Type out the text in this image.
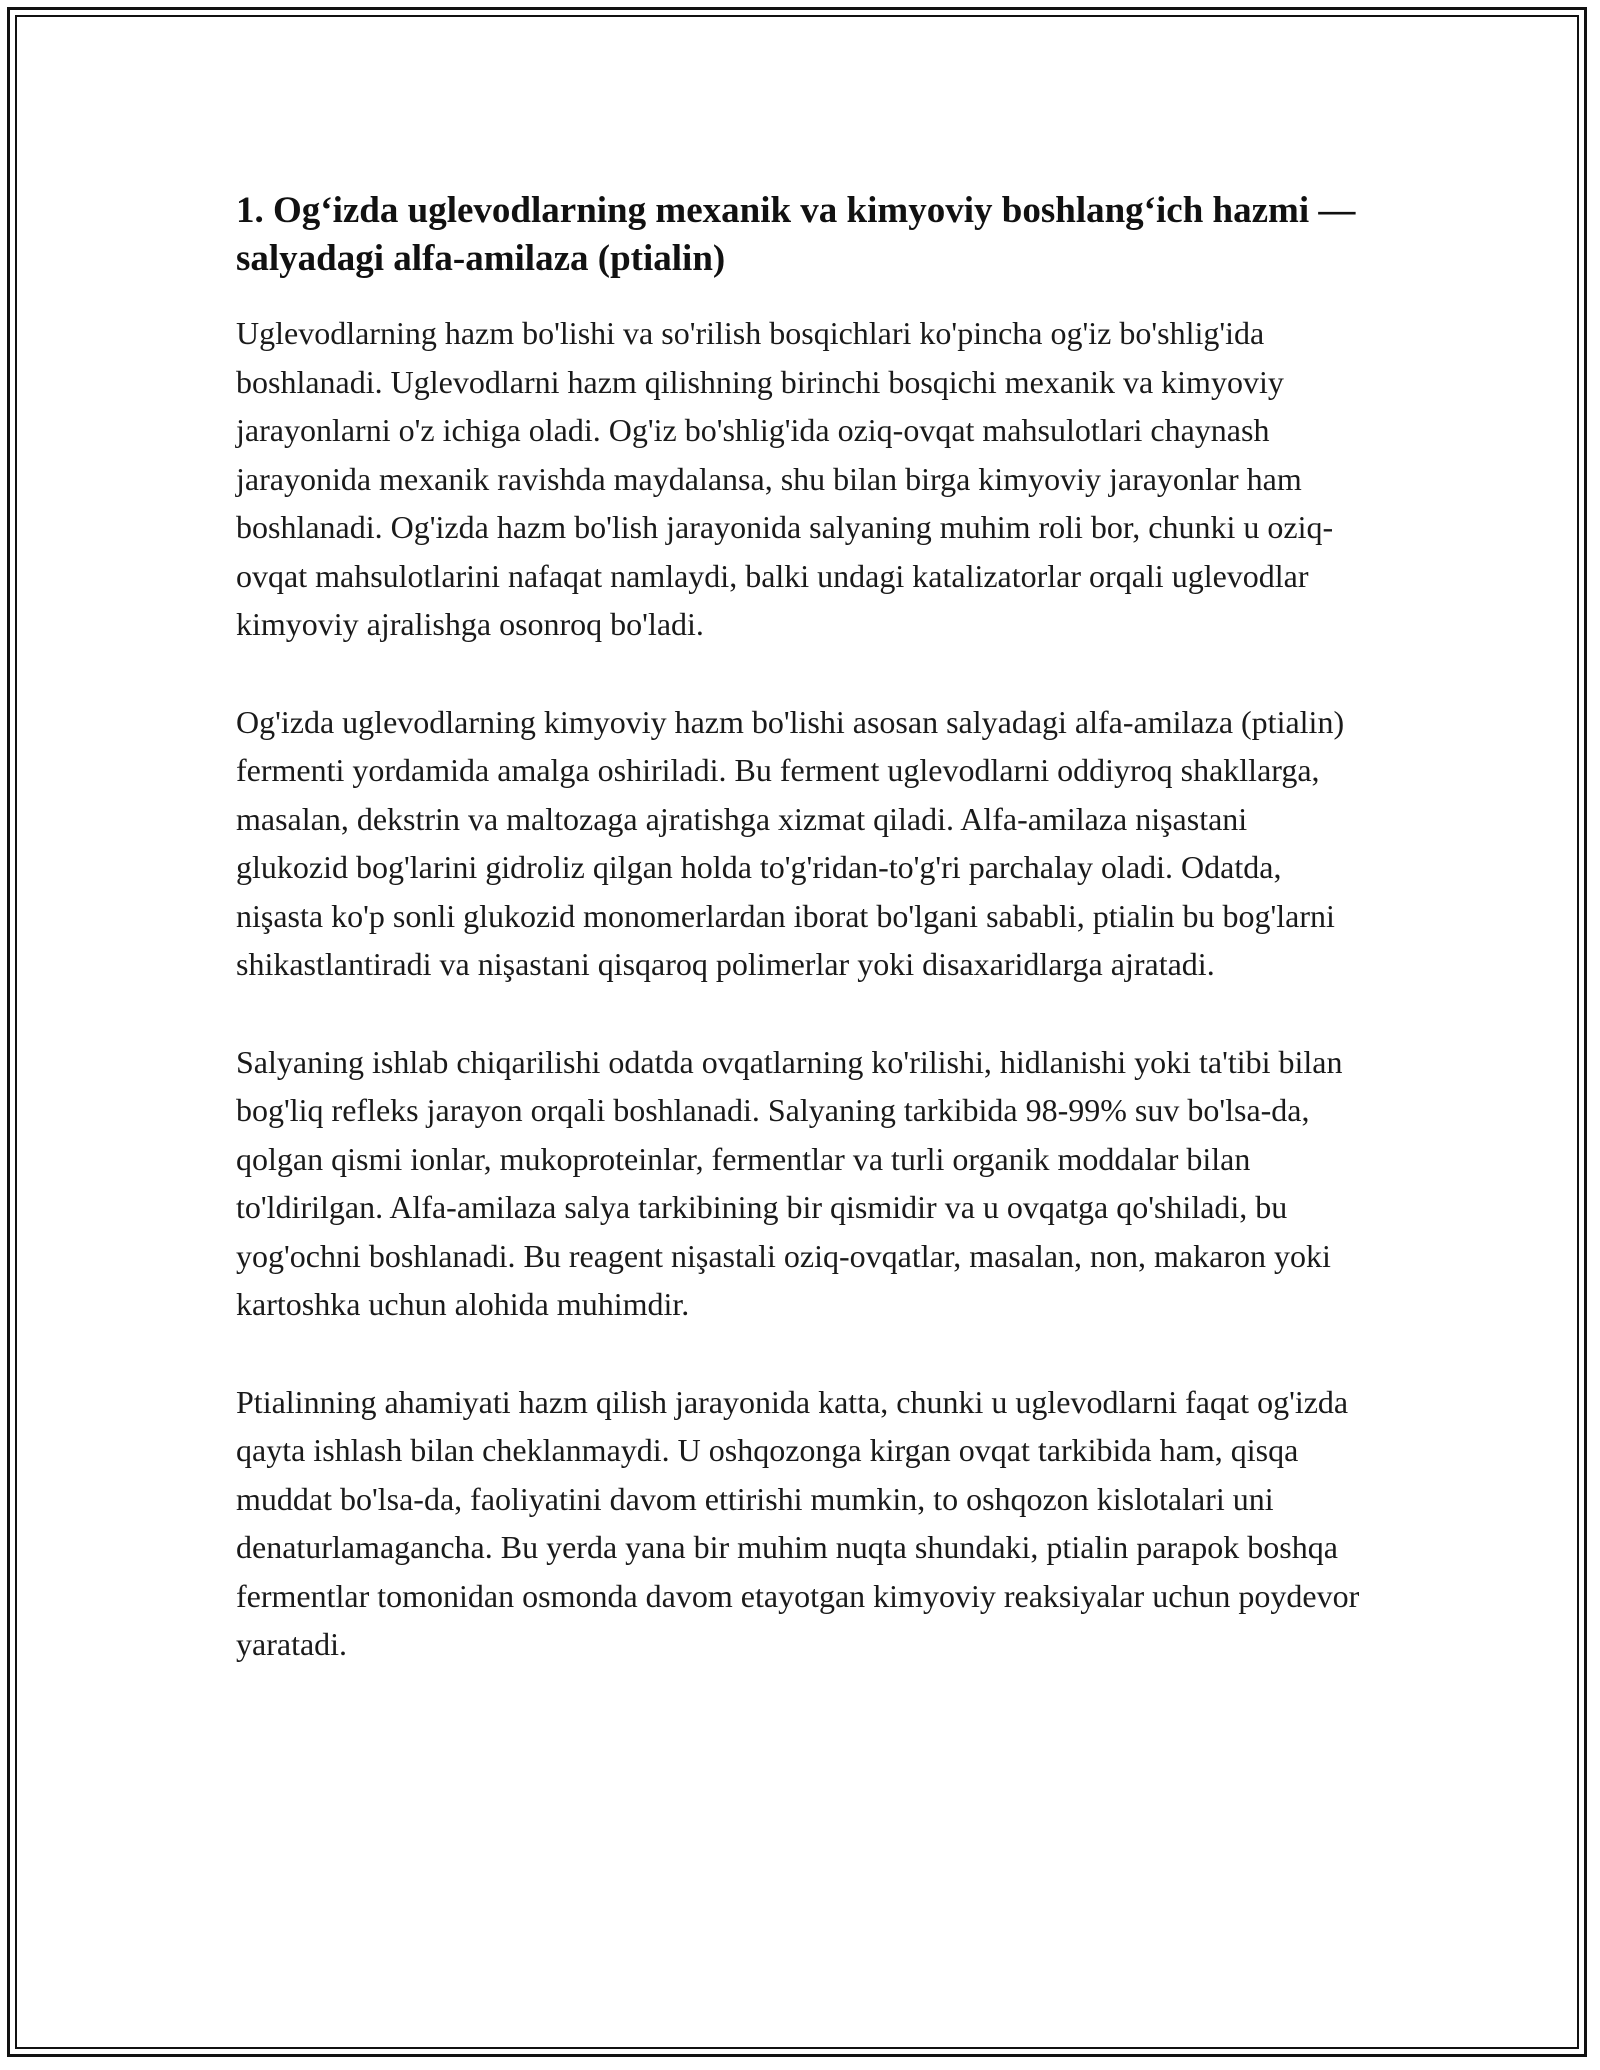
1. Og‘izda uglevodlarning mexanik va kimyoviy boshlang‘ich hazmi — salyadagi alfa-amilaza (ptialin)

Uglevodlarning hazm bo'lishi va so'rilish bosqichlari ko'pincha og'iz bo'shlig'ida boshlanadi. Uglevodlarni hazm qilishning birinchi bosqichi mexanik va kimyoviy jarayonlarni o'z ichiga oladi. Og'iz bo'shlig'ida oziq-ovqat mahsulotlari chaynash jarayonida mexanik ravishda maydalansa, shu bilan birga kimyoviy jarayonlar ham boshlanadi. Og'izda hazm bo'lish jarayonida salyaning muhim roli bor, chunki u oziq-ovqat mahsulotlarini nafaqat namlaydi, balki undagi katalizatorlar orqali uglevodlar kimyoviy ajralishga osonroq bo'ladi.

Og'izda uglevodlarning kimyoviy hazm bo'lishi asosan salyadagi alfa-amilaza (ptialin) fermenti yordamida amalga oshiriladi. Bu ferment uglevodlarni oddiyroq shakllarga, masalan, dekstrin va maltozaga ajratishga xizmat qiladi. Alfa-amilaza nişastani glukozid bog'larini gidroliz qilgan holda to'g'ridan-to'g'ri parchalay oladi. Odatda, nişasta ko'p sonli glukozid monomerlardan iborat bo'lgani sababli, ptialin bu bog'larni shikastlantiradi va nişastani qisqaroq polimerlar yoki disaxaridlarga ajratadi.

Salyaning ishlab chiqarilishi odatda ovqatlarning ko'rilishi, hidlanishi yoki ta'tibi bilan bog'liq refleks jarayon orqali boshlanadi. Salyaning tarkibida 98-99% suv bo'lsa-da, qolgan qismi ionlar, mukoproteinlar, fermentlar va turli organik moddalar bilan to'ldirilgan. Alfa-amilaza salya tarkibining bir qismidir va u ovqatga qo'shiladi, bu yog'ochni boshlanadi. Bu reagent nişastali oziq-ovqatlar, masalan, non, makaron yoki kartoshka uchun alohida muhimdir.

Ptialinning ahamiyati hazm qilish jarayonida katta, chunki u uglevodlarni faqat og'izda qayta ishlash bilan cheklanmaydi. U oshqozonga kirgan ovqat tarkibida ham, qisqa muddat bo'lsa-da, faoliyatini davom ettirishi mumkin, to oshqozon kislotalari uni denaturlamagancha. Bu yerda yana bir muhim nuqta shundaki, ptialin parapok boshqa fermentlar tomonidan osmonda davom etayotgan kimyoviy reaksiyalar uchun poydevor yaratadi.
